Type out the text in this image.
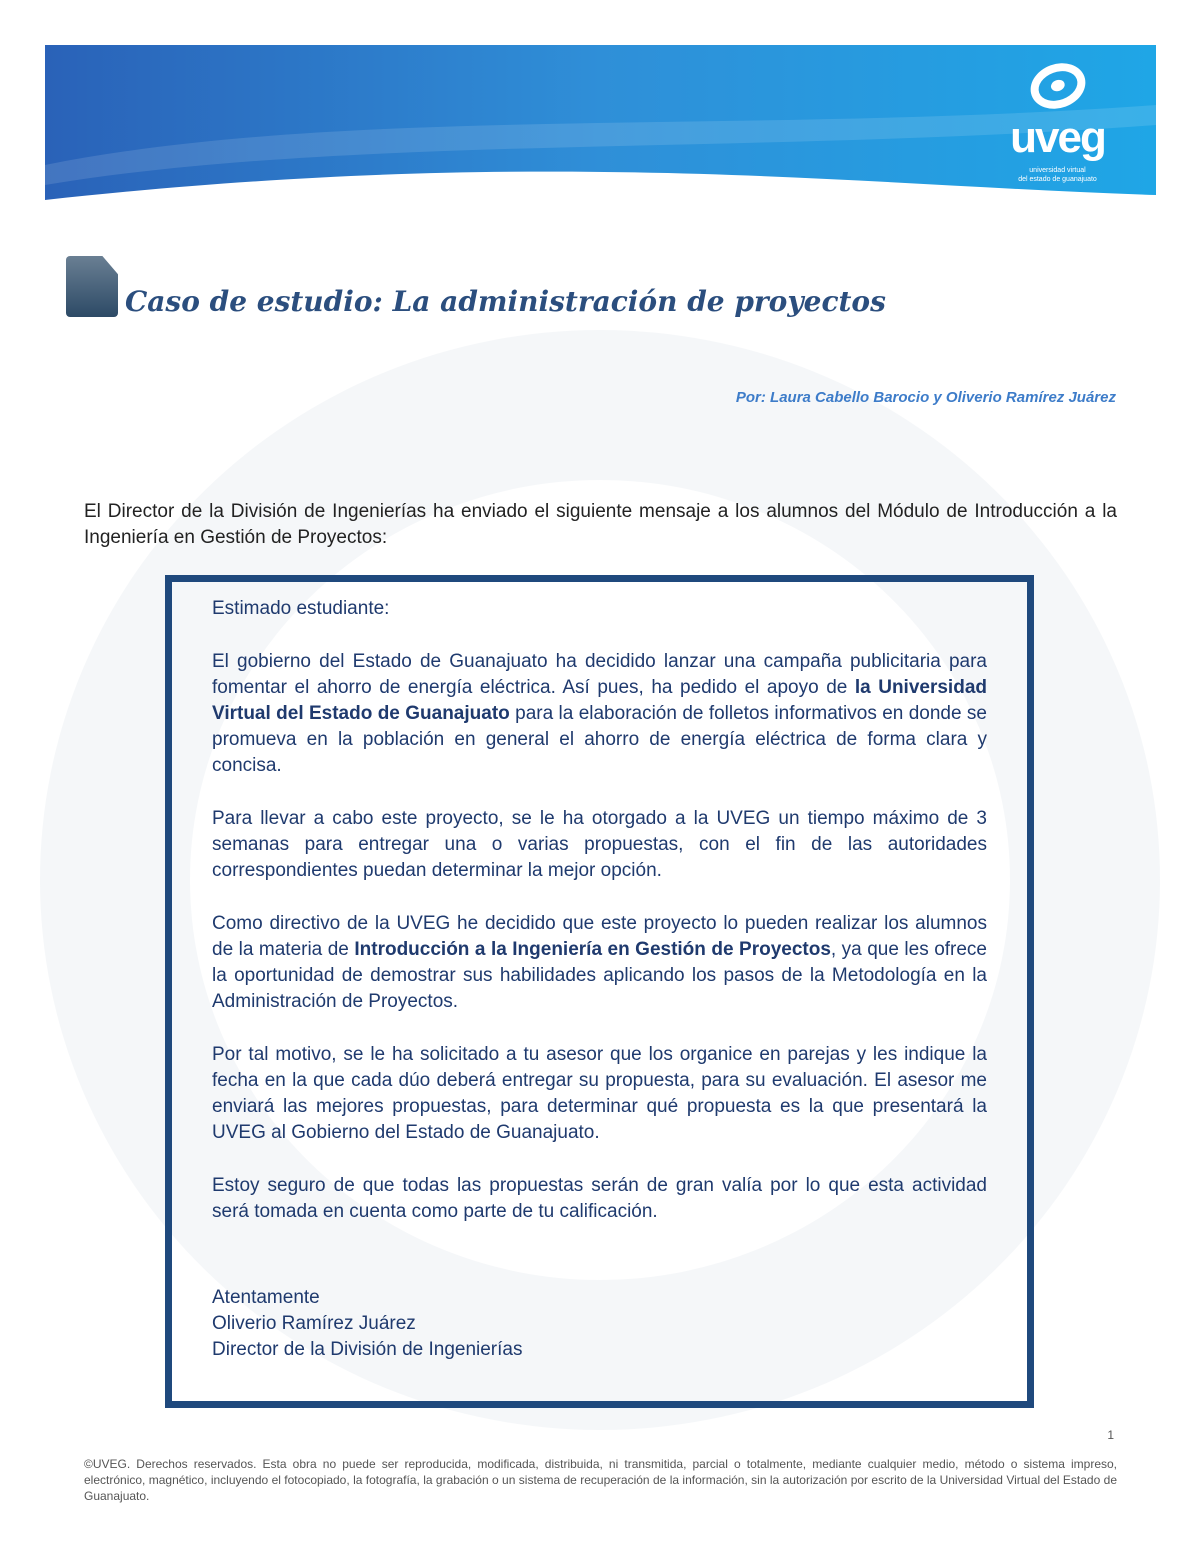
uveg
universidad virtual
del estado de guanajuato
Caso de estudio: La administración de proyectos
Por: Laura Cabello Barocio y Oliverio Ramírez Juárez
El Director de la División de Ingenierías ha enviado el siguiente mensaje a los alumnos del Módulo de Introducción a la Ingeniería en Gestión de Proyectos:

Estimado estudiante:

El gobierno del Estado de Guanajuato ha decidido lanzar una campaña publicitaria para fomentar el ahorro de energía eléctrica. Así pues, ha pedido el apoyo de la Universidad Virtual del Estado de Guanajuato para la elaboración de folletos informativos en donde se promueva en la población en general el ahorro de energía eléctrica de forma clara y concisa.

Para llevar a cabo este proyecto, se le ha otorgado a la UVEG un tiempo máximo de 3 semanas para entregar una o varias propuestas, con el fin de las autoridades correspondientes puedan determinar la mejor opción.

Como directivo de la UVEG he decidido que este proyecto lo pueden realizar los alumnos de la materia de Introducción a la Ingeniería en Gestión de Proyectos, ya que les ofrece la oportunidad de demostrar sus habilidades aplicando los pasos de la Metodología en la Administración de Proyectos.

Por tal motivo, se le ha solicitado a tu asesor que los organice en parejas y les indique la fecha en la que cada dúo deberá entregar su propuesta, para su evaluación. El asesor me enviará las mejores propuestas, para determinar qué propuesta es la que presentará la UVEG al Gobierno del Estado de Guanajuato.

Estoy seguro de que todas las propuestas serán de gran valía por lo que esta actividad será tomada en cuenta como parte de tu calificación.

Atentamente
Oliverio Ramírez Juárez
Director de la División de Ingenierías
1
©UVEG. Derechos reservados. Esta obra no puede ser reproducida, modificada, distribuida, ni transmitida, parcial o totalmente, mediante cualquier medio, método o sistema impreso, electrónico, magnético, incluyendo el fotocopiado, la fotografía, la grabación o un sistema de recuperación de la información, sin la autorización por escrito de la Universidad Virtual del Estado de Guanajuato.
